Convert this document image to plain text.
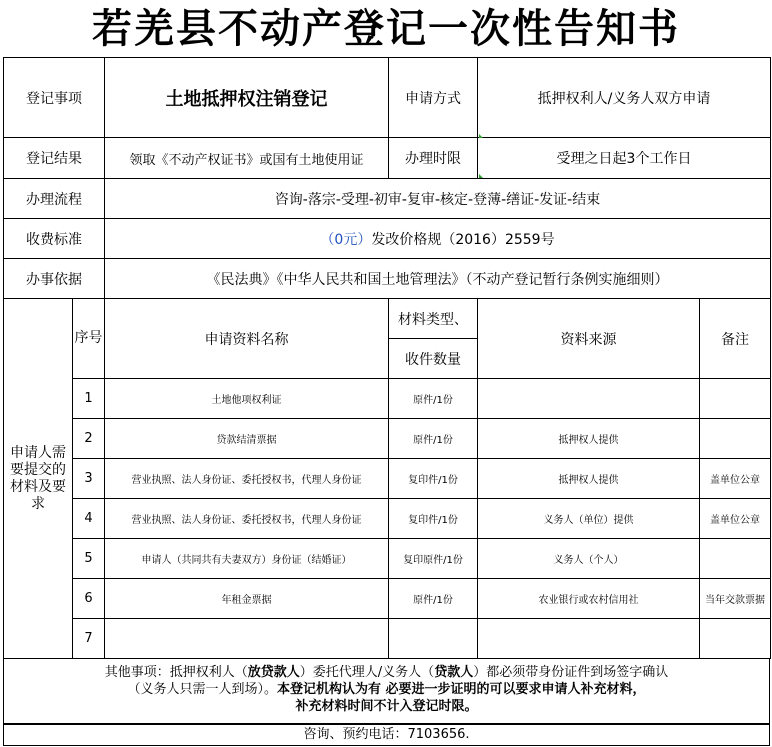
若羌县不动产登记一次性告知书
登记事项		土地抵押权注销登记	申请方式	抵押权利人/义务人双方申请	
登记结果		领取《不动产权证书》或国有土地使用证	办理时限	受理之日起3个工作日	
办理流程		咨询-落宗-受理-初审-复审-核定-登薄-缮证-发证-结束			
收费标准		（0元）发改价格规（2016）2559号			
办事依据		《民法典》《中华人民共和国土地管理法》（不动产登记暂行条例实施细则）			
申请人需要提交的材料及要求	序号	申请资料名称	材料类型、	资料来源	备注
			收件数量		
	1	土地他项权利证	原件/1份		
	2	贷款结清票据	原件/1份	抵押权人提供	
	3	营业执照、法人身份证、委托授权书，代理人身份证	复印件/1份	抵押权人提供	盖单位公章
	4	营业执照、法人身份证、委托授权书，代理人身份证	复印件/1份	义务人（单位）提供	盖单位公章
	5	申请人（共同共有夫妻双方）身份证（结婚证）	复印原件/1份	义务人（个人）	
	6	年租金票据	原件/1份	农业银行或农村信用社	当年交款票据
	7				
其他事项：抵押权利人（放贷款人）委托代理人/义务人（贷款人）都必须带身份证件到场签字确认
（义务人只需一人到场）。本登记机构认为有 必要进一步证明的可以要求申请人补充材料，
补充材料时间不计入登记时限。
咨询、预约电话：7103656.
